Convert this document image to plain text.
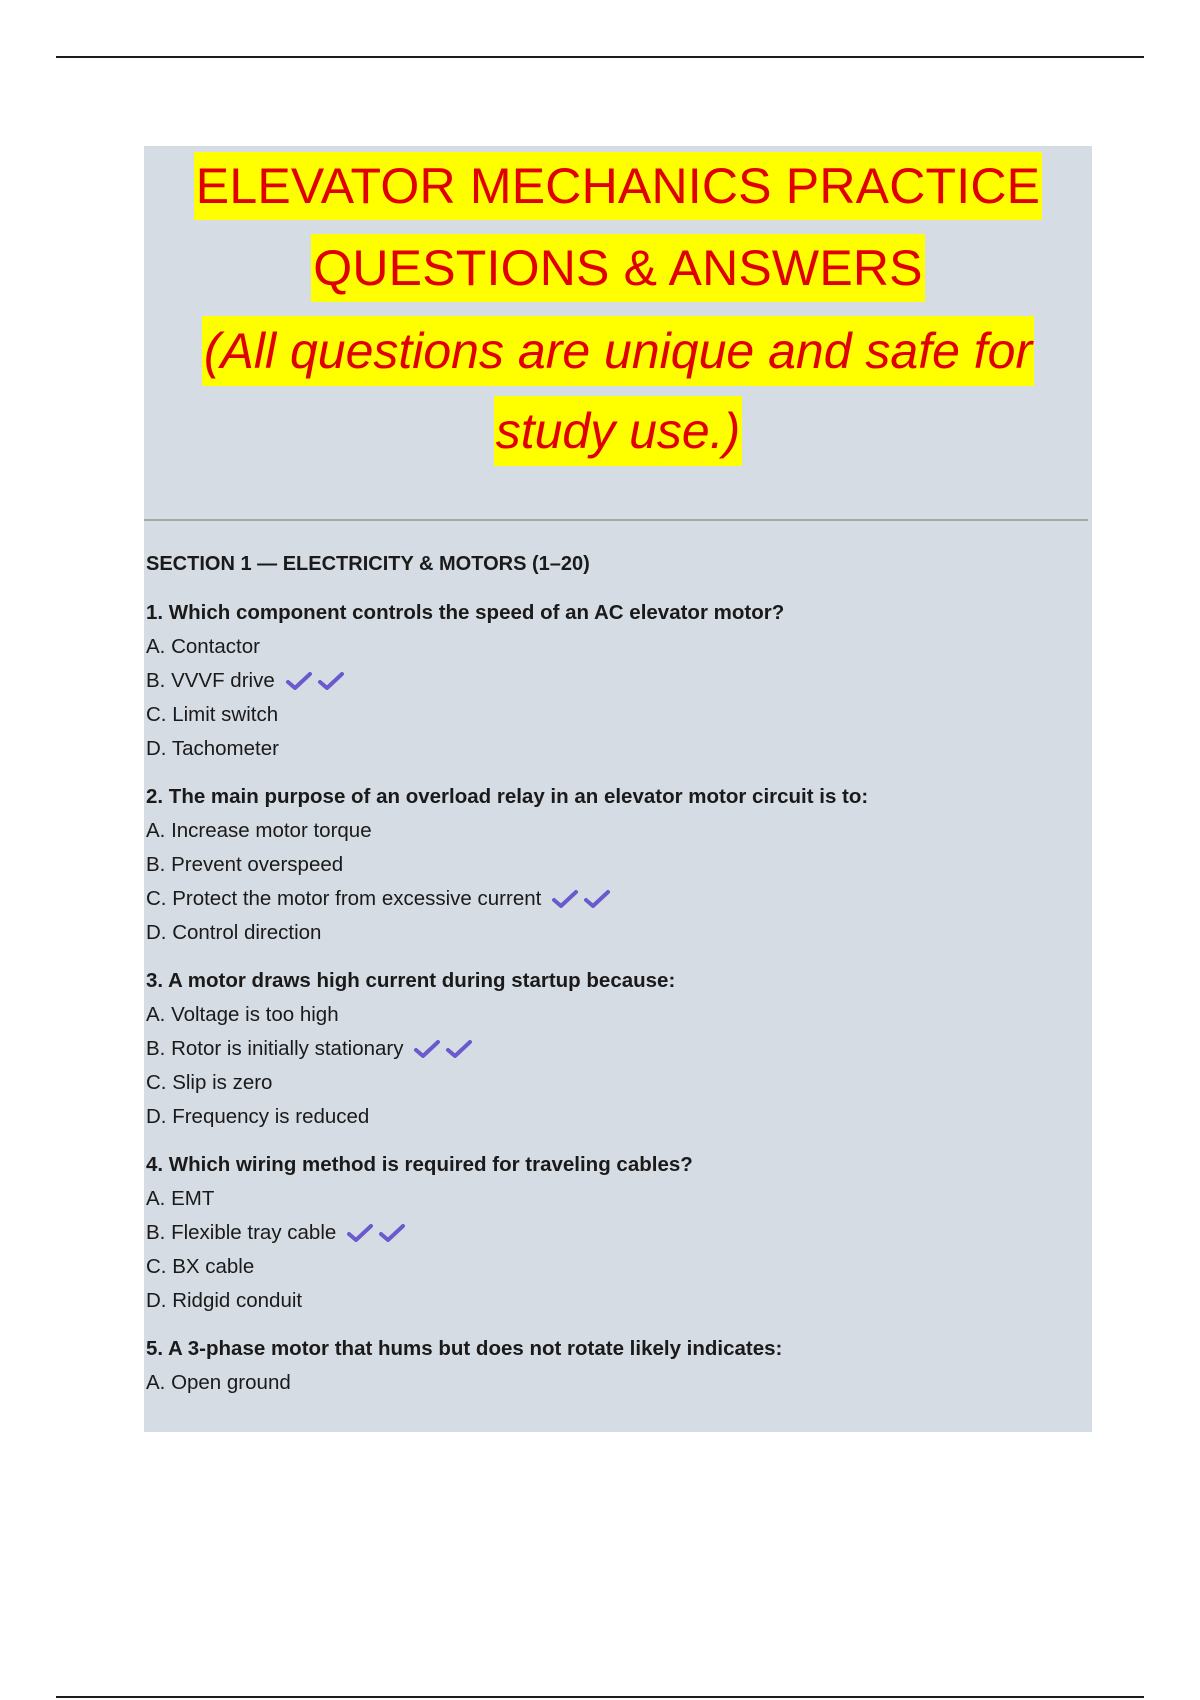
ELEVATOR MECHANICS PRACTICE
QUESTIONS & ANSWERS
(All questions are unique and safe for
study use.)
SECTION 1 — ELECTRICITY & MOTORS (1–20)
1. Which component controls the speed of an AC elevator motor?
A. Contactor
B. VVVF drive
C. Limit switch
D. Tachometer
2. The main purpose of an overload relay in an elevator motor circuit is to:
A. Increase motor torque
B. Prevent overspeed
C. Protect the motor from excessive current
D. Control direction
3. A motor draws high current during startup because:
A. Voltage is too high
B. Rotor is initially stationary
C. Slip is zero
D. Frequency is reduced
4. Which wiring method is required for traveling cables?
A. EMT
B. Flexible tray cable
C. BX cable
D. Ridgid conduit
5. A 3-phase motor that hums but does not rotate likely indicates:
A. Open ground
